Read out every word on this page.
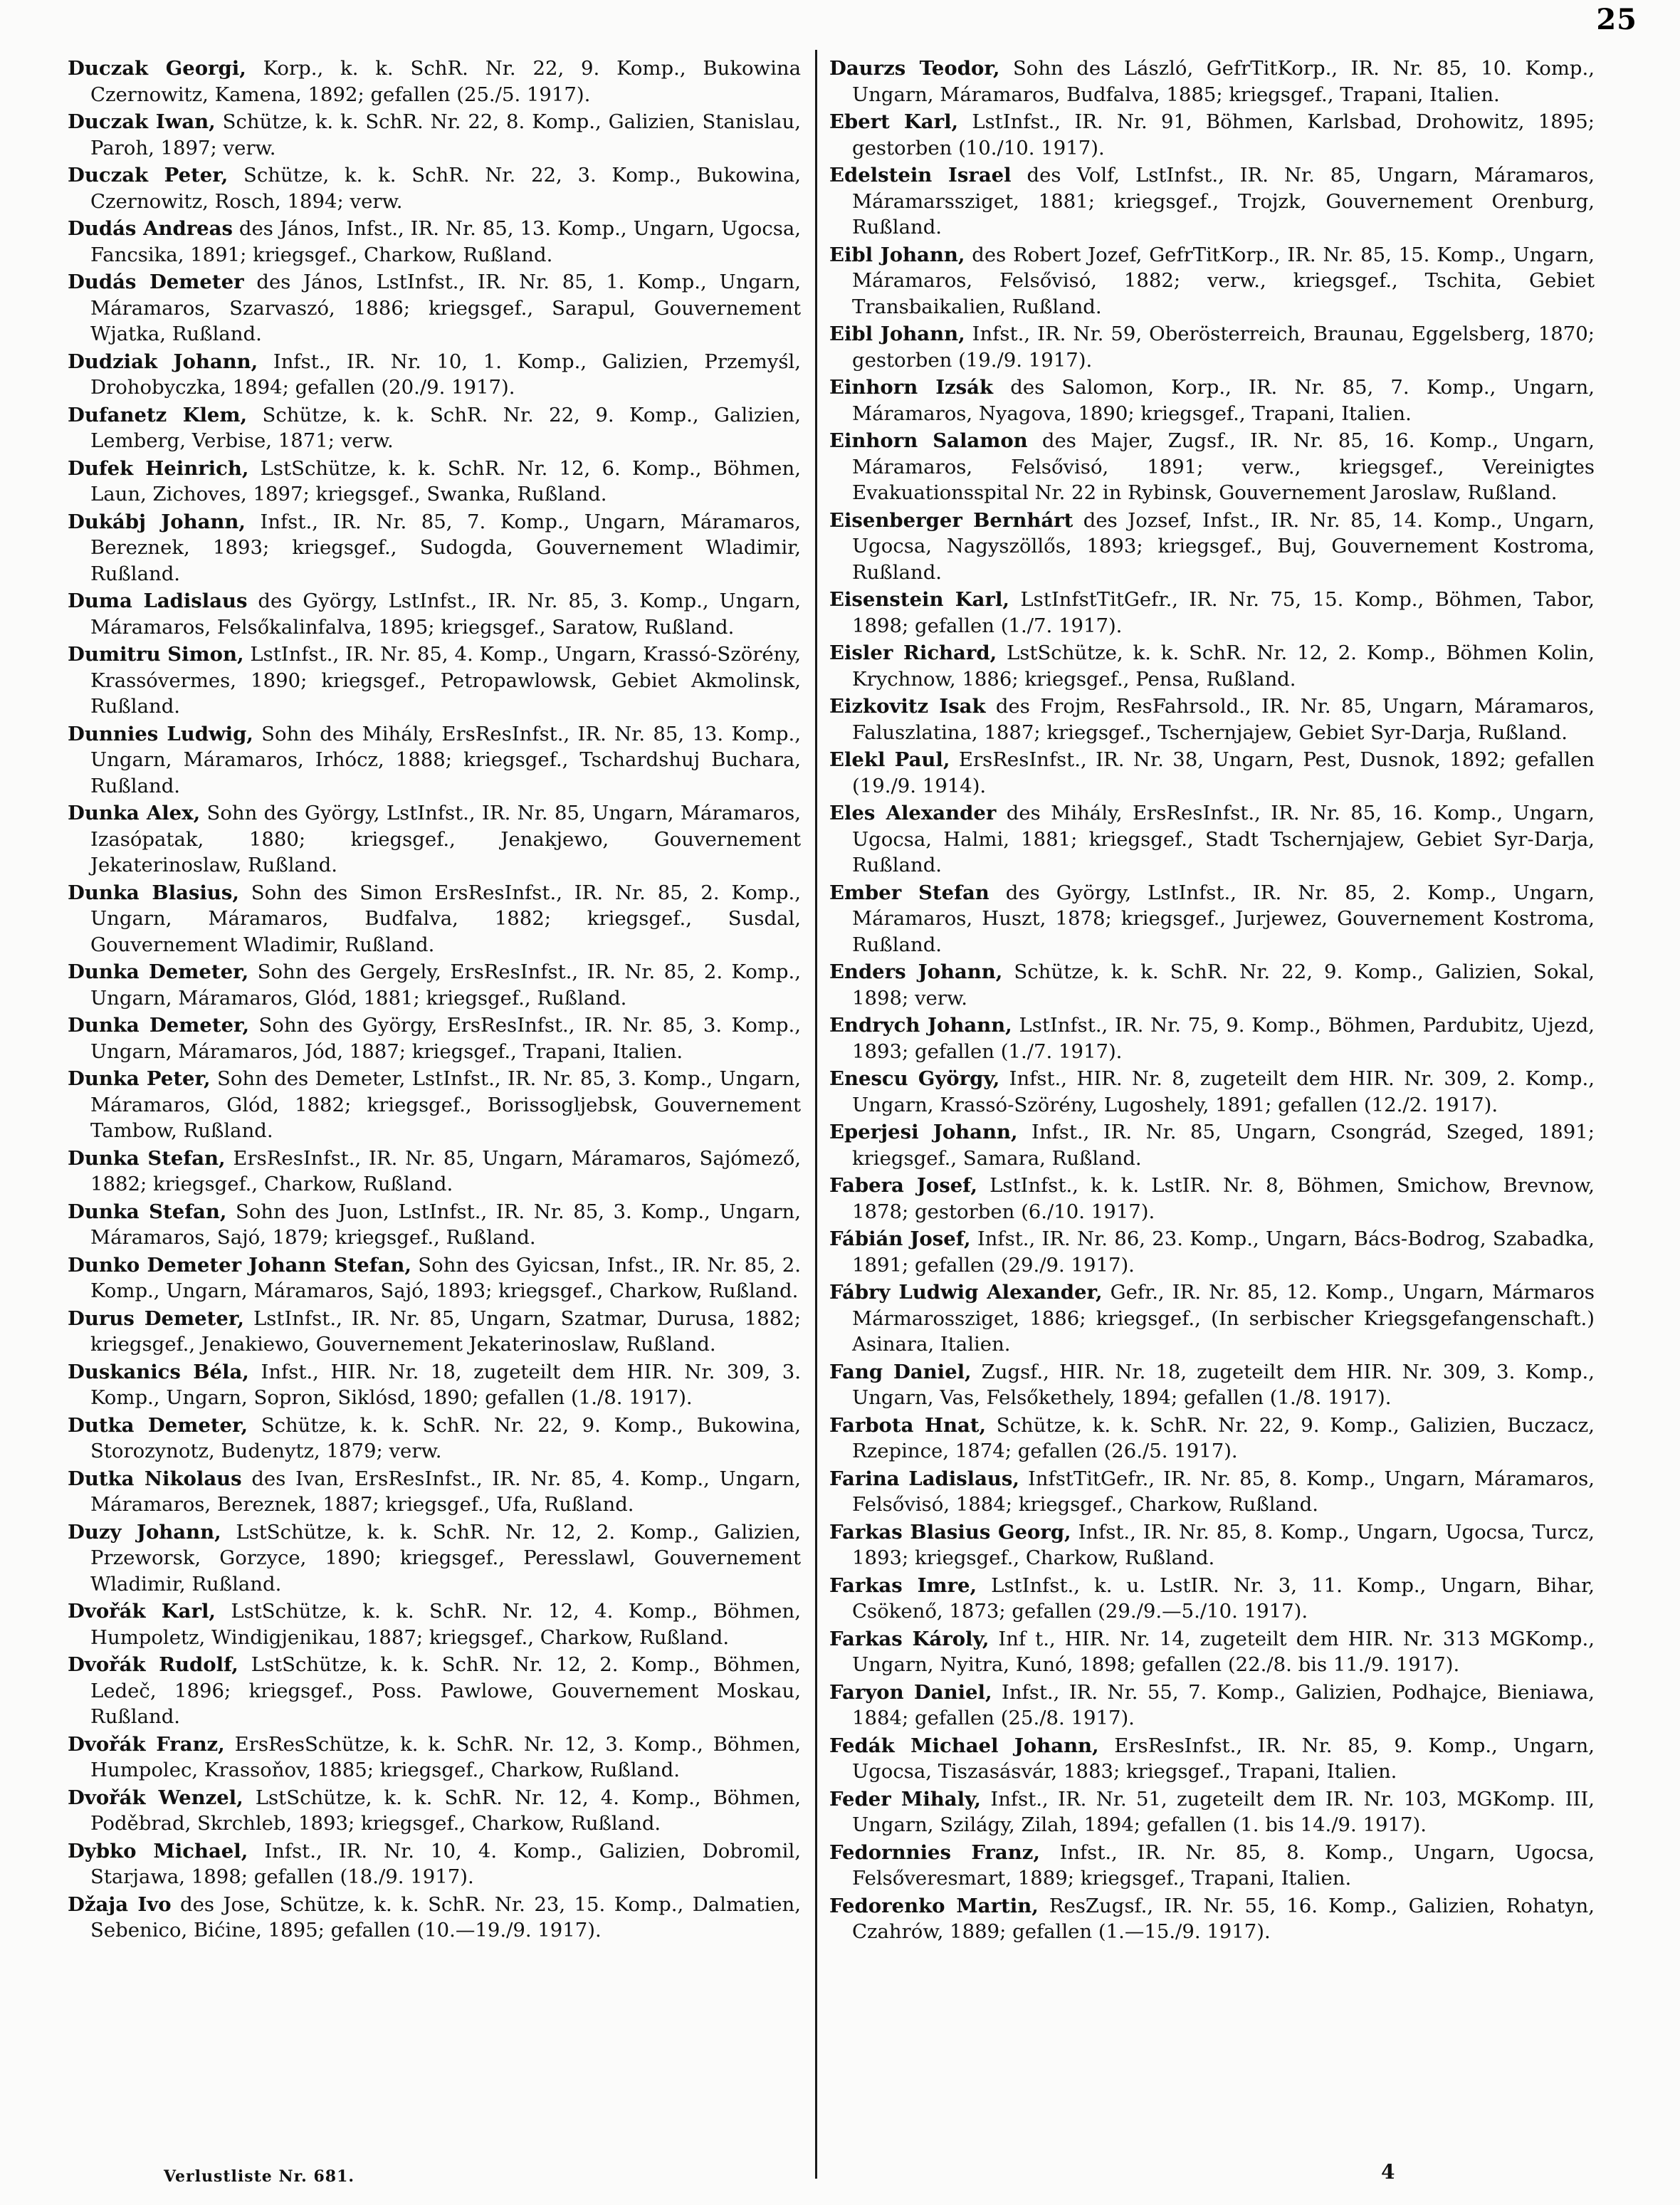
25

Duczak Georgi, Korp., k. k. SchR. Nr. 22, 9. Komp., Bukowina Czernowitz, Kamena, 1892; gefallen (25./5. 1917).

Duczak Iwan, Schütze, k. k. SchR. Nr. 22, 8. Komp., Galizien, Stanislau, Paroh, 1897; verw.

Duczak Peter, Schütze, k. k. SchR. Nr. 22, 3. Komp., Bukowina, Czernowitz, Rosch, 1894; verw.

Dudás Andreas des János, Infst., IR. Nr. 85, 13. Komp., Ungarn, Ugocsa, Fancsika, 1891; kriegsgef., Charkow, Rußland.

Dudás Demeter des János, LstInfst., IR. Nr. 85, 1. Komp., Ungarn, Máramaros, Szarvaszó, 1886; kriegsgef., Sarapul, Gouvernement Wjatka, Rußland.

Dudziak Johann, Infst., IR. Nr. 10, 1. Komp., Galizien, Przemyśl, Drohobyczka, 1894; gefallen (20./9. 1917).

Dufanetz Klem, Schütze, k. k. SchR. Nr. 22, 9. Komp., Galizien, Lemberg, Verbise, 1871; verw.

Dufek Heinrich, LstSchütze, k. k. SchR. Nr. 12, 6. Komp., Böhmen, Laun, Zichoves, 1897; kriegsgef., Swanka, Rußland.

Dukábj Johann, Infst., IR. Nr. 85, 7. Komp., Ungarn, Máramaros, Bereznek, 1893; kriegsgef., Sudogda, Gouvernement Wladimir, Rußland.

Duma Ladislaus des György, LstInfst., IR. Nr. 85, 3. Komp., Ungarn, Máramaros, Felsőkalinfalva, 1895; kriegsgef., Saratow, Rußland.

Dumitru Simon, LstInfst., IR. Nr. 85, 4. Komp., Ungarn, Krassó-Szörény, Krassóvermes, 1890; kriegsgef., Petropawlowsk, Gebiet Akmolinsk, Rußland.

Dunnies Ludwig, Sohn des Mihály, ErsResInfst., IR. Nr. 85, 13. Komp., Ungarn, Máramaros, Irhócz, 1888; kriegsgef., Tschardshuj Buchara, Rußland.

Dunka Alex, Sohn des György, LstInfst., IR. Nr. 85, Ungarn, Máramaros, Izasópatak, 1880; kriegsgef., Jenakjewo, Gouvernement Jekaterinoslaw, Rußland.

Dunka Blasius, Sohn des Simon ErsResInfst., IR. Nr. 85, 2. Komp., Ungarn, Máramaros, Budfalva, 1882; kriegsgef., Susdal, Gouvernement Wladimir, Rußland.

Dunka Demeter, Sohn des Gergely, ErsResInfst., IR. Nr. 85, 2. Komp., Ungarn, Máramaros, Glód, 1881; kriegsgef., Rußland.

Dunka Demeter, Sohn des György, ErsResInfst., IR. Nr. 85, 3. Komp., Ungarn, Máramaros, Jód, 1887; kriegsgef., Trapani, Italien.

Dunka Peter, Sohn des Demeter, LstInfst., IR. Nr. 85, 3. Komp., Ungarn, Máramaros, Glód, 1882; kriegsgef., Borissogljebsk, Gouvernement Tambow, Rußland.

Dunka Stefan, ErsResInfst., IR. Nr. 85, Ungarn, Máramaros, Sajómező, 1882; kriegsgef., Charkow, Rußland.

Dunka Stefan, Sohn des Juon, LstInfst., IR. Nr. 85, 3. Komp., Ungarn, Máramaros, Sajó, 1879; kriegsgef., Rußland.

Dunko Demeter Johann Stefan, Sohn des Gyicsan, Infst., IR. Nr. 85, 2. Komp., Ungarn, Máramaros, Sajó, 1893; kriegsgef., Charkow, Rußland.

Durus Demeter, LstInfst., IR. Nr. 85, Ungarn, Szatmar, Durusa, 1882; kriegsgef., Jenakiewo, Gouvernement Jekaterinoslaw, Rußland.

Duskanics Béla, Infst., HIR. Nr. 18, zugeteilt dem HIR. Nr. 309, 3. Komp., Ungarn, Sopron, Siklósd, 1890; gefallen (1./8. 1917).

Dutka Demeter, Schütze, k. k. SchR. Nr. 22, 9. Komp., Bukowina, Storozynotz, Budenytz, 1879; verw.

Dutka Nikolaus des Ivan, ErsResInfst., IR. Nr. 85, 4. Komp., Ungarn, Máramaros, Bereznek, 1887; kriegsgef., Ufa, Rußland.

Duzy Johann, LstSchütze, k. k. SchR. Nr. 12, 2. Komp., Galizien, Przeworsk, Gorzyce, 1890; kriegsgef., Peresslawl, Gouvernement Wladimir, Rußland.

Dvořák Karl, LstSchütze, k. k. SchR. Nr. 12, 4. Komp., Böhmen, Humpoletz, Windigjenikau, 1887; kriegsgef., Charkow, Rußland.

Dvořák Rudolf, LstSchütze, k. k. SchR. Nr. 12, 2. Komp., Böhmen, Ledeč, 1896; kriegsgef., Poss. Pawlowe, Gouvernement Moskau, Rußland.

Dvořák Franz, ErsResSchütze, k. k. SchR. Nr. 12, 3. Komp., Böhmen, Humpolec, Krassoňov, 1885; kriegsgef., Charkow, Rußland.

Dvořák Wenzel, LstSchütze, k. k. SchR. Nr. 12, 4. Komp., Böhmen, Poděbrad, Skrchleb, 1893; kriegsgef., Charkow, Rußland.

Dybko Michael, Infst., IR. Nr. 10, 4. Komp., Galizien, Dobromil, Starjawa, 1898; gefallen (18./9. 1917).

Džaja Ivo des Jose, Schütze, k. k. SchR. Nr. 23, 15. Komp., Dalmatien, Sebenico, Bićine, 1895; gefallen (10.—19./9. 1917).

Daurzs Teodor, Sohn des László, GefrTitKorp., IR. Nr. 85, 10. Komp., Ungarn, Máramaros, Budfalva, 1885; kriegsgef., Trapani, Italien.

Ebert Karl, LstInfst., IR. Nr. 91, Böhmen, Karlsbad, Drohowitz, 1895; gestorben (10./10. 1917).

Edelstein Israel des Volf, LstInfst., IR. Nr. 85, Ungarn, Máramaros, Máramarssziget, 1881; kriegsgef., Trojzk, Gouvernement Orenburg, Rußland.

Eibl Johann, des Robert Jozef, GefrTitKorp., IR. Nr. 85, 15. Komp., Ungarn, Máramaros, Felsővisó, 1882; verw., kriegsgef., Tschita, Gebiet Transbaikalien, Rußland.

Eibl Johann, Infst., IR. Nr. 59, Oberösterreich, Braunau, Eggelsberg, 1870; gestorben (19./9. 1917).

Einhorn Izsák des Salomon, Korp., IR. Nr. 85, 7. Komp., Ungarn, Máramaros, Nyagova, 1890; kriegsgef., Trapani, Italien.

Einhorn Salamon des Majer, Zugsf., IR. Nr. 85, 16. Komp., Ungarn, Máramaros, Felsővisó, 1891; verw., kriegsgef., Vereinigtes Evakuationsspital Nr. 22 in Rybinsk, Gouvernement Jaroslaw, Rußland.

Eisenberger Bernhárt des Jozsef, Infst., IR. Nr. 85, 14. Komp., Ungarn, Ugocsa, Nagyszöllős, 1893; kriegsgef., Buj, Gouvernement Kostroma, Rußland.

Eisenstein Karl, LstInfstTitGefr., IR. Nr. 75, 15. Komp., Böhmen, Tabor, 1898; gefallen (1./7. 1917).

Eisler Richard, LstSchütze, k. k. SchR. Nr. 12, 2. Komp., Böhmen Kolin, Krychnow, 1886; kriegsgef., Pensa, Rußland.

Eizkovitz Isak des Frojm, ResFahrsold., IR. Nr. 85, Ungarn, Máramaros, Faluszlatina, 1887; kriegsgef., Tschernjajew, Gebiet Syr-Darja, Rußland.

Elekl Paul, ErsResInfst., IR. Nr. 38, Ungarn, Pest, Dusnok, 1892; gefallen (19./9. 1914).

Eles Alexander des Mihály, ErsResInfst., IR. Nr. 85, 16. Komp., Ungarn, Ugocsa, Halmi, 1881; kriegsgef., Stadt Tschernjajew, Gebiet Syr-Darja, Rußland.

Ember Stefan des György, LstInfst., IR. Nr. 85, 2. Komp., Ungarn, Máramaros, Huszt, 1878; kriegsgef., Jurjewez, Gouvernement Kostroma, Rußland.

Enders Johann, Schütze, k. k. SchR. Nr. 22, 9. Komp., Galizien, Sokal, 1898; verw.

Endrych Johann, LstInfst., IR. Nr. 75, 9. Komp., Böhmen, Pardubitz, Ujezd, 1893; gefallen (1./7. 1917).

Enescu György, Infst., HIR. Nr. 8, zugeteilt dem HIR. Nr. 309, 2. Komp., Ungarn, Krassó-Szörény, Lugoshely, 1891; gefallen (12./2. 1917).

Eperjesi Johann, Infst., IR. Nr. 85, Ungarn, Csongrád, Szeged, 1891; kriegsgef., Samara, Rußland.

Fabera Josef, LstInfst., k. k. LstIR. Nr. 8, Böhmen, Smichow, Brevnow, 1878; gestorben (6./10. 1917).

Fábián Josef, Infst., IR. Nr. 86, 23. Komp., Ungarn, Bács-Bodrog, Szabadka, 1891; gefallen (29./9. 1917).

Fábry Ludwig Alexander, Gefr., IR. Nr. 85, 12. Komp., Ungarn, Mármaros Mármarossziget, 1886; kriegsgef., (In serbischer Kriegsgefangenschaft.) Asinara, Italien.

Fang Daniel, Zugsf., HIR. Nr. 18, zugeteilt dem HIR. Nr. 309, 3. Komp., Ungarn, Vas, Felsőkethely, 1894; gefallen (1./8. 1917).

Farbota Hnat, Schütze, k. k. SchR. Nr. 22, 9. Komp., Galizien, Buczacz, Rzepince, 1874; gefallen (26./5. 1917).

Farina Ladislaus, InfstTitGefr., IR. Nr. 85, 8. Komp., Ungarn, Máramaros, Felsővisó, 1884; kriegsgef., Charkow, Rußland.

Farkas Blasius Georg, Infst., IR. Nr. 85, 8. Komp., Ungarn, Ugocsa, Turcz, 1893; kriegsgef., Charkow, Rußland.

Farkas Imre, LstInfst., k. u. LstIR. Nr. 3, 11. Komp., Ungarn, Bihar, Csökenő, 1873; gefallen (29./9.—5./10. 1917).

Farkas Károly, Inf t., HIR. Nr. 14, zugeteilt dem HIR. Nr. 313 MGKomp., Ungarn, Nyitra, Kunó, 1898; gefallen (22./8. bis 11./9. 1917).

Faryon Daniel, Infst., IR. Nr. 55, 7. Komp., Galizien, Podhajce, Bieniawa, 1884; gefallen (25./8. 1917).

Fedák Michael Johann, ErsResInfst., IR. Nr. 85, 9. Komp., Ungarn, Ugocsa, Tiszasásvár, 1883; kriegsgef., Trapani, Italien.

Feder Mihaly, Infst., IR. Nr. 51, zugeteilt dem IR. Nr. 103, MGKomp. III, Ungarn, Szilágy, Zilah, 1894; gefallen (1. bis 14./9. 1917).

Fedornnies Franz, Infst., IR. Nr. 85, 8. Komp., Ungarn, Ugocsa, Felsőveresmart, 1889; kriegsgef., Trapani, Italien.

Fedorenko Martin, ResZugsf., IR. Nr. 55, 16. Komp., Galizien, Rohatyn, Czahrów, 1889; gefallen (1.—15./9. 1917).

Verlustliste Nr. 681.	4
